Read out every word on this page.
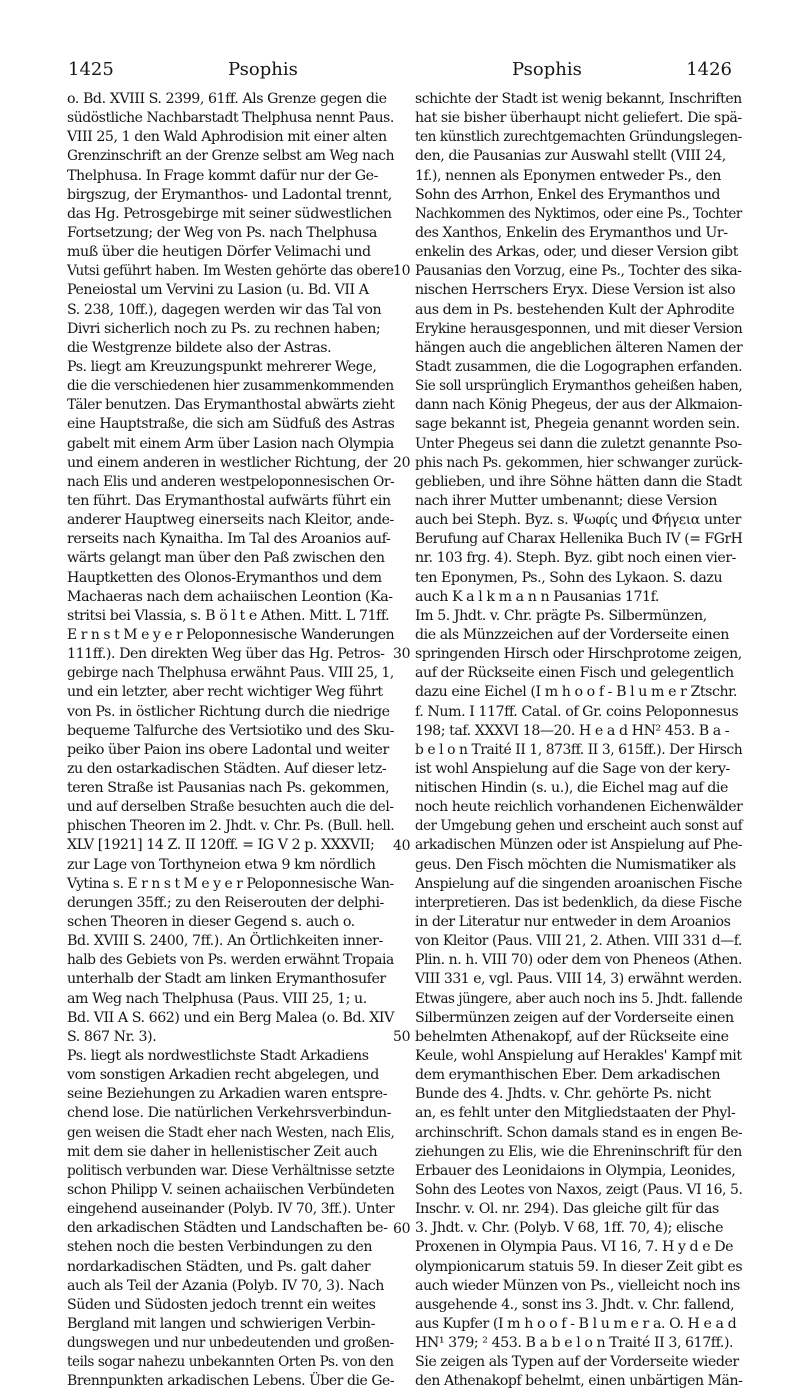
1425	Psophis	Psophis	1426
o. Bd. XVIII S. 2399, 61ff. Als Grenze gegen die
südöstliche Nachbarstadt Thelphusa nennt Paus.
VIII 25, 1 den Wald Aphrodision mit einer alten
Grenzinschrift an der Grenze selbst am Weg nach
Thelphusa. In Frage kommt dafür nur der Ge-
birgszug, der Erymanthos- und Ladontal trennt,
das Hg. Petrosgebirge mit seiner südwestlichen
Fortsetzung; der Weg von Ps. nach Thelphusa
muß über die heutigen Dörfer Velimachi und
Vutsi geführt haben. Im Westen gehörte das obere
Peneiostal um Vervini zu Lasion (u. Bd. VII A
S. 238, 10ff.), dagegen werden wir das Tal von
Divri sicherlich noch zu Ps. zu rechnen haben;
die Westgrenze bildete also der Astras.
Ps. liegt am Kreuzungspunkt mehrerer Wege,
die die verschiedenen hier zusammenkommenden
Täler benutzen. Das Erymanthostal abwärts zieht
eine Hauptstraße, die sich am Südfuß des Astras
gabelt mit einem Arm über Lasion nach Olympia
und einem anderen in westlicher Richtung, der
nach Elis und anderen westpeloponnesischen Or-
ten führt. Das Erymanthostal aufwärts führt ein
anderer Hauptweg einerseits nach Kleitor, ande-
rerseits nach Kynaitha. Im Tal des Aroanios auf-
wärts gelangt man über den Paß zwischen den
Hauptketten des Olonos-Erymanthos und dem
Machaeras nach dem achaiischen Leontion (Ka-
stritsi bei Vlassia, s. B ö l t e Athen. Mitt. L 71ff.
E r n s t M e y e r Peloponnesische Wanderungen
111ff.). Den direkten Weg über das Hg. Petros-
gebirge nach Thelphusa erwähnt Paus. VIII 25, 1,
und ein letzter, aber recht wichtiger Weg führt
von Ps. in östlicher Richtung durch die niedrige
bequeme Talfurche des Vertsiotiko und des Sku-
peiko über Paion ins obere Ladontal und weiter
zu den ostarkadischen Städten. Auf dieser letz-
teren Straße ist Pausanias nach Ps. gekommen,
und auf derselben Straße besuchten auch die del-
phischen Theoren im 2. Jhdt. v. Chr. Ps. (Bull. hell.
XLV [1921] 14 Z. II 120ff. = IG V 2 p. XXXVII;
zur Lage von Torthyneion etwa 9 km nördlich
Vytina s. E r n s t M e y e r Peloponnesische Wan-
derungen 35ff.; zu den Reiserouten der delphi-
schen Theoren in dieser Gegend s. auch o.
Bd. XVIII S. 2400, 7ff.). An Örtlichkeiten inner-
halb des Gebiets von Ps. werden erwähnt Tropaia
unterhalb der Stadt am linken Erymanthosufer
am Weg nach Thelphusa (Paus. VIII 25, 1; u.
Bd. VII A S. 662) und ein Berg Malea (o. Bd. XIV
S. 867 Nr. 3).
Ps. liegt als nordwestlichste Stadt Arkadiens
vom sonstigen Arkadien recht abgelegen, und
seine Beziehungen zu Arkadien waren entspre-
chend lose. Die natürlichen Verkehrsverbindun-
gen weisen die Stadt eher nach Westen, nach Elis,
mit dem sie daher in hellenistischer Zeit auch
politisch verbunden war. Diese Verhältnisse setzte
schon Philipp V. seinen achaiischen Verbündeten
eingehend auseinander (Polyb. IV 70, 3ff.). Unter
den arkadischen Städten und Landschaften be-
stehen noch die besten Verbindungen zu den
nordarkadischen Städten, und Ps. galt daher
auch als Teil der Azania (Polyb. IV 70, 3). Nach
Süden und Südosten jedoch trennt ein weites
Bergland mit langen und schwierigen Verbin-
dungswegen und nur unbedeutenden und großen-
teils sogar nahezu unbekannten Orten Ps. von den
Brennpunkten arkadischen Lebens. Über die Ge-
10
20
30
40
50
60
schichte der Stadt ist wenig bekannt, Inschriften
hat sie bisher überhaupt nicht geliefert. Die spä-
ten künstlich zurechtgemachten Gründungslegen-
den, die Pausanias zur Auswahl stellt (VIII 24,
1f.), nennen als Eponymen entweder Ps., den
Sohn des Arrhon, Enkel des Erymanthos und
Nachkommen des Nyktimos, oder eine Ps., Tochter
des Xanthos, Enkelin des Erymanthos und Ur-
enkelin des Arkas, oder, und dieser Version gibt
Pausanias den Vorzug, eine Ps., Tochter des sika-
nischen Herrschers Eryx. Diese Version ist also
aus dem in Ps. bestehenden Kult der Aphrodite
Erykine herausgesponnen, und mit dieser Version
hängen auch die angeblichen älteren Namen der
Stadt zusammen, die die Logographen erfanden.
Sie soll ursprünglich Erymanthos geheißen haben,
dann nach König Phegeus, der aus der Alkmaion-
sage bekannt ist, Phegeia genannt worden sein.
Unter Phegeus sei dann die zuletzt genannte Pso-
phis nach Ps. gekommen, hier schwanger zurück-
geblieben, und ihre Söhne hätten dann die Stadt
nach ihrer Mutter umbenannt; diese Version
auch bei Steph. Byz. s. Ψωφίς und Φήγεια unter
Berufung auf Charax Hellenika Buch IV (= FGrH
nr. 103 frg. 4). Steph. Byz. gibt noch einen vier-
ten Eponymen, Ps., Sohn des Lykaon. S. dazu
auch K a l k m a n n Pausanias 171f.
Im 5. Jhdt. v. Chr. prägte Ps. Silbermünzen,
die als Münzzeichen auf der Vorderseite einen
springenden Hirsch oder Hirschprotome zeigen,
auf der Rückseite einen Fisch und gelegentlich
dazu eine Eichel (I m h o o f - B l u m e r Ztschr.
f. Num. I 117ff. Catal. of Gr. coins Peloponnesus
198; taf. XXXVI 18—20. H e a d HN² 453. B a -
b e l o n Traité II 1, 873ff. II 3, 615ff.). Der Hirsch
ist wohl Anspielung auf die Sage von der kery-
nitischen Hindin (s. u.), die Eichel mag auf die
noch heute reichlich vorhandenen Eichenwälder
der Umgebung gehen und erscheint auch sonst auf
arkadischen Münzen oder ist Anspielung auf Phe-
geus. Den Fisch möchten die Numismatiker als
Anspielung auf die singenden aroanischen Fische
interpretieren. Das ist bedenklich, da diese Fische
in der Literatur nur entweder in dem Aroanios
von Kleitor (Paus. VIII 21, 2. Athen. VIII 331 d—f.
Plin. n. h. VIII 70) oder dem von Pheneos (Athen.
VIII 331 e, vgl. Paus. VIII 14, 3) erwähnt werden.
Etwas jüngere, aber auch noch ins 5. Jhdt. fallende
Silbermünzen zeigen auf der Vorderseite einen
behelmten Athenakopf, auf der Rückseite eine
Keule, wohl Anspielung auf Herakles' Kampf mit
dem erymanthischen Eber. Dem arkadischen
Bunde des 4. Jhdts. v. Chr. gehörte Ps. nicht
an, es fehlt unter den Mitgliedstaaten der Phyl-
archinschrift. Schon damals stand es in engen Be-
ziehungen zu Elis, wie die Ehreninschrift für den
Erbauer des Leonidaions in Olympia, Leonides,
Sohn des Leotes von Naxos, zeigt (Paus. VI 16, 5.
Inschr. v. Ol. nr. 294). Das gleiche gilt für das
3. Jhdt. v. Chr. (Polyb. V 68, 1ff. 70, 4); elische
Proxenen in Olympia Paus. VI 16, 7. H y d e De
olympionicarum statuis 59. In dieser Zeit gibt es
auch wieder Münzen von Ps., vielleicht noch ins
ausgehende 4., sonst ins 3. Jhdt. v. Chr. fallend,
aus Kupfer (I m h o o f - B l u m e r a. O. H e a d
HN¹ 379; ² 453. B a b e l o n Traité II 3, 617ff.).
Sie zeigen als Typen auf der Vorderseite wieder
den Athenakopf behelmt, einen unbärtigen Män-
